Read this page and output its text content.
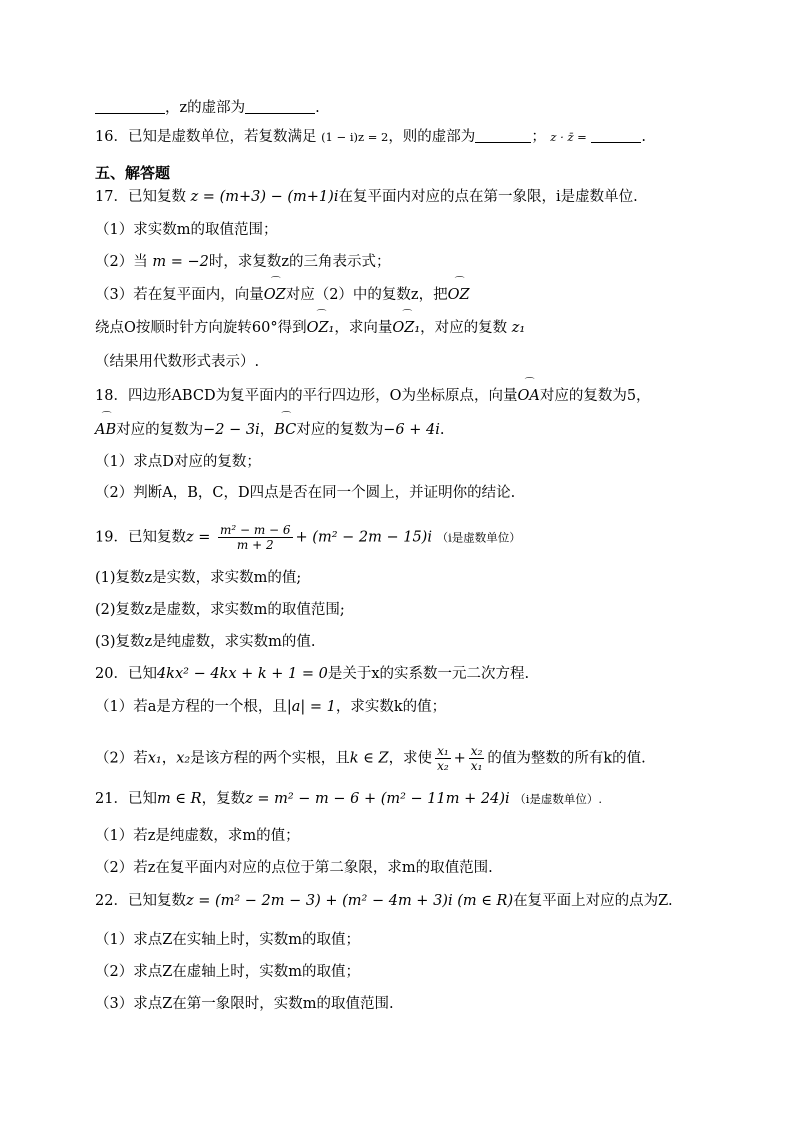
，z的虚部为	.
16．已知是虚数单位，若复数满足 (1 − i)z = 2，则的虚部为	； z · z̄ =	.
五、解答题
17．已知复数 z = (m+3) − (m+1)i在复平面内对应的点在第一象限，i是虚数单位.
（1）求实数m的取值范围；
（2）当 m = −2时，求复数z的三角表示式；
（3）若在复平面内，向量⌒ OZ对应（2）中的复数z，把⌒ OZ
绕点O按顺时针方向旋转60°得到⌒ OZ₁，求向量⌒ OZ₁，对应的复数 z₁
（结果用代数形式表示）.
18．四边形ABCD为复平面内的平行四边形，O为坐标原点，向量⌒ OA对应的复数为5，
⌒ AB对应的复数为−2 − 3i，⌒ BC对应的复数为−6 + 4i.
（1）求点D对应的复数；
（2）判断A，B，C，D四点是否在同一个圆上，并证明你的结论.
19．已知复数$z = \frac{\text{m² − m − 6}}{m + 2} + (m^2 - 2m - 15)i$ （i是虚数单位）
(1)复数z是实数，求实数m的值;
(2)复数z是虚数，求实数m的取值范围;
(3)复数z是纯虚数，求实数m的值.
20．已知4kx² − 4kx + k + 1 = 0是关于x的实系数一元二次方程.
（1）若a是方程的一个根，且|a| = 1，求实数k的值；
（2）若x₁，x₂是该方程的两个实根，且k ∈ Z，求使 $\frac{\text{x₁}}{\text{x₂}} + \frac{\text{x₂}}{\text{x₁}}$ 的值为整数的所有k的值.
21．已知m ∈ R，复数z = m² − m − 6 + (m² − 11m + 24)i （i是虚数单位）.
（1）若z是纯虚数，求m的值；
（2）若z在复平面内对应的点位于第二象限，求m的取值范围.
22．已知复数z = (m² − 2m − 3) + (m² − 4m + 3)i (m ∈ R)在复平面上对应的点为Z.
（1）求点Z在实轴上时，实数m的取值；
（2）求点Z在虚轴上时，实数m的取值；
（3）求点Z在第一象限时，实数m的取值范围.
